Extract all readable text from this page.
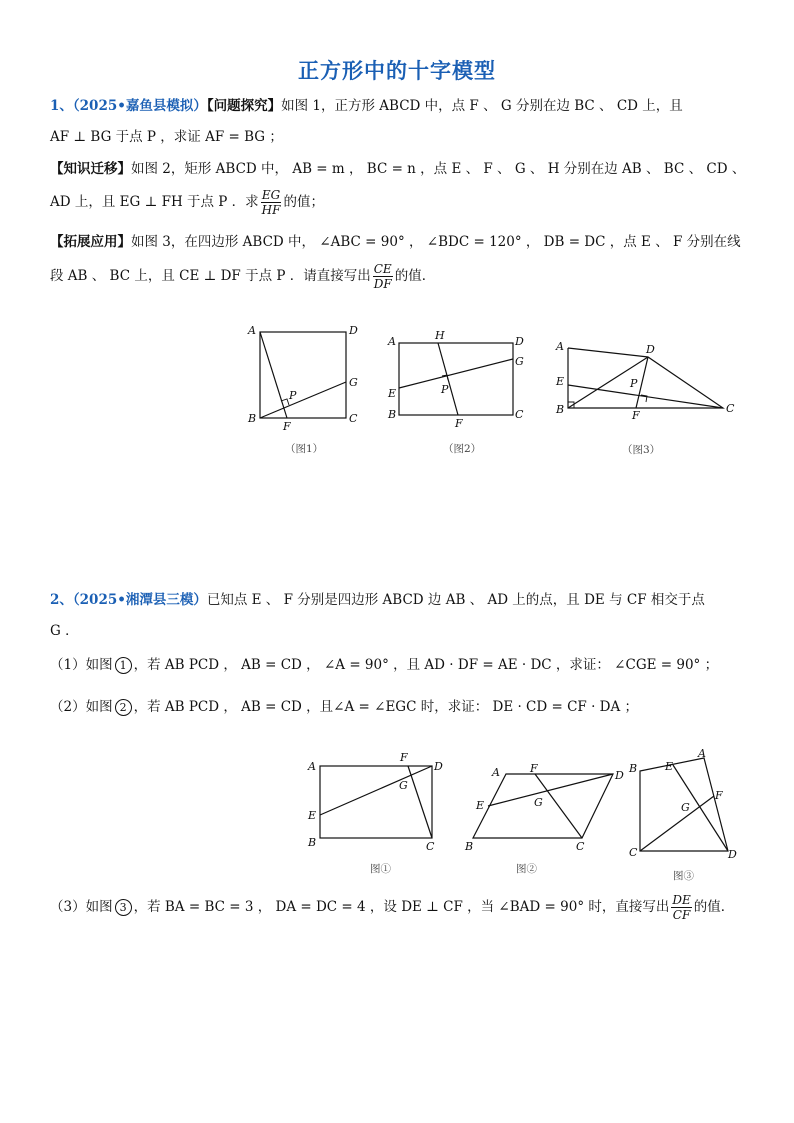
正方形中的十字模型
1、（2025•嘉鱼县模拟）【问题探究】如图 1，正方形 ABCD 中，点 F 、 G 分别在边 BC 、 CD 上，且
AF ⊥ BG 于点 P ，求证 AF = BG ；
【知识迁移】如图 2，矩形 ABCD 中， AB = m ， BC = n ，点 E 、 F 、 G 、 H 分别在边 AB 、 BC 、 CD 、
AD 上，且 EG ⊥ FH 于点 P ．求 $\frac{EG}{HF}$ 的值；
【拓展应用】如图 3，在四边形 ABCD 中， ∠ABC = 90° ， ∠BDC = 120° ， DB = DC ，点 E 、 F 分别在线
段 AB 、 BC 上，且 CE ⊥ DF 于点 P ．请直接写出 $\frac{CE}{DF}$ 的值．
A	D
B	C
F
G
P
（图1）
A	D
B	C
H
F
E
G
P
（图2）
A	D
B	C
E
F
P
（图3）
2、（2025•湘潭县三模）已知点 E 、 F 分别是四边形 ABCD 边 AB 、 AD 上的点，且 DE 与 CF 相交于点
G ．
（1）如图 1 ，若 AB PCD ， AB = CD ， ∠A = 90° ，且 AD · DF = AE · DC ，求证： ∠CGE = 90° ；
（2）如图 2 ，若 AB PCD ， AB = CD ，且∠A = ∠EGC 时，求证： DE · CD = CF · DA ；
A	D
B	C
E
F
G
图①
A	D
B	C
E
F
G
图②
B
A
C	D
E
F
G
图③
（3）如图 3 ，若 BA = BC = 3 ， DA = DC = 4 ，设 DE ⊥ CF ，当 ∠BAD = 90° 时，直接写出 $\frac{DE}{CF}$ 的值．
